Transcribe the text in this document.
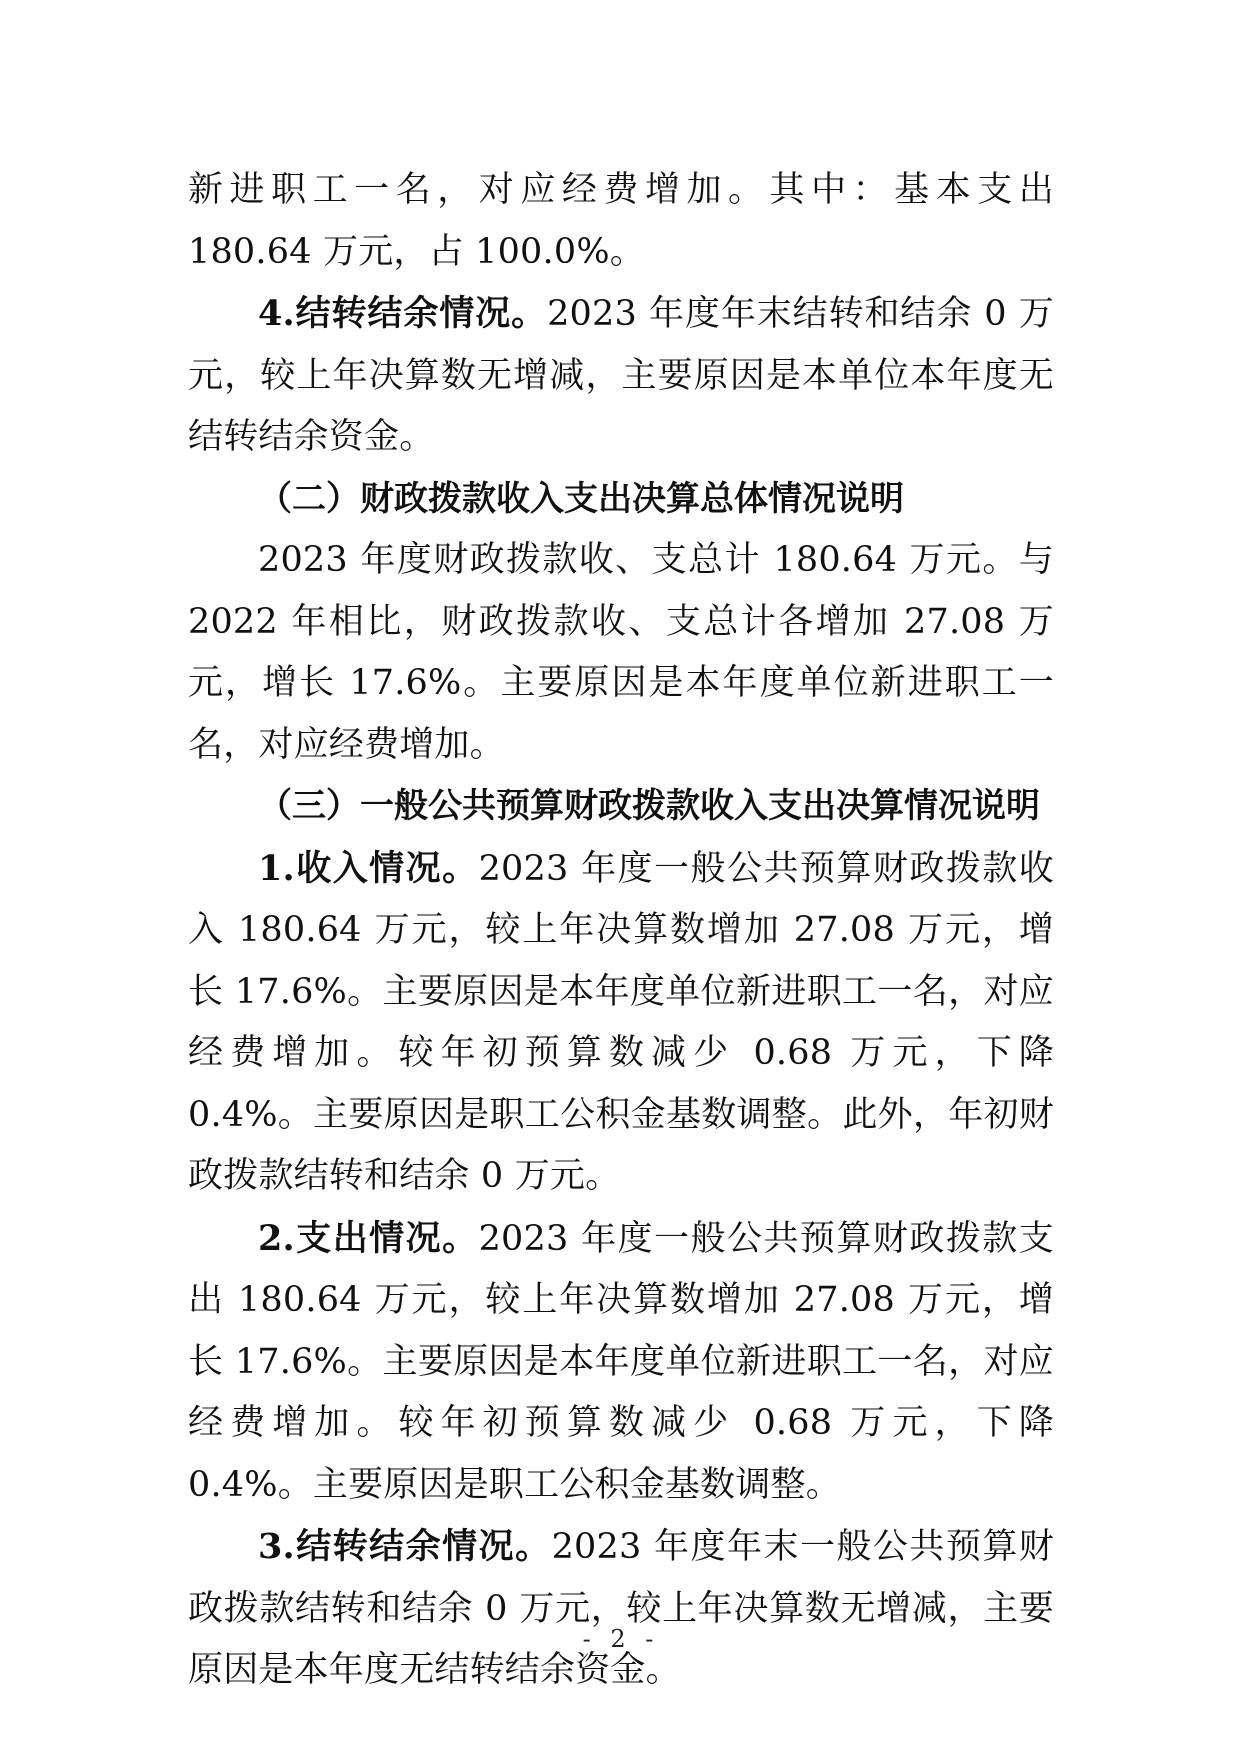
新进职工一名，对应经费增加。其中：基本支出 180.64 万元，占 100.0%。

4.结转结余情况。2023 年度年末结转和结余 0 万元，较上年决算数无增减，主要原因是本单位本年度无结转结余资金。

（二）财政拨款收入支出决算总体情况说明

2023 年度财政拨款收、支总计 180.64 万元。与 2022 年相比，财政拨款收、支总计各增加 27.08 万元，增长 17.6%。主要原因是本年度单位新进职工一名，对应经费增加。

（三）一般公共预算财政拨款收入支出决算情况说明

1.收入情况。2023 年度一般公共预算财政拨款收入 180.64 万元，较上年决算数增加 27.08 万元，增长 17.6%。主要原因是本年度单位新进职工一名，对应经费增加。较年初预算数减少 0.68 万元，下降 0.4%。主要原因是职工公积金基数调整。此外，年初财政拨款结转和结余 0 万元。

2.支出情况。2023 年度一般公共预算财政拨款支出 180.64 万元，较上年决算数增加 27.08 万元，增长 17.6%。主要原因是本年度单位新进职工一名，对应经费增加。较年初预算数减少 0.68 万元，下降 0.4%。主要原因是职工公积金基数调整。

3.结转结余情况。2023 年度年末一般公共预算财政拨款结转和结余 0 万元，较上年决算数无增减，主要原因是本年度无结转结余资金。

- 2 -
